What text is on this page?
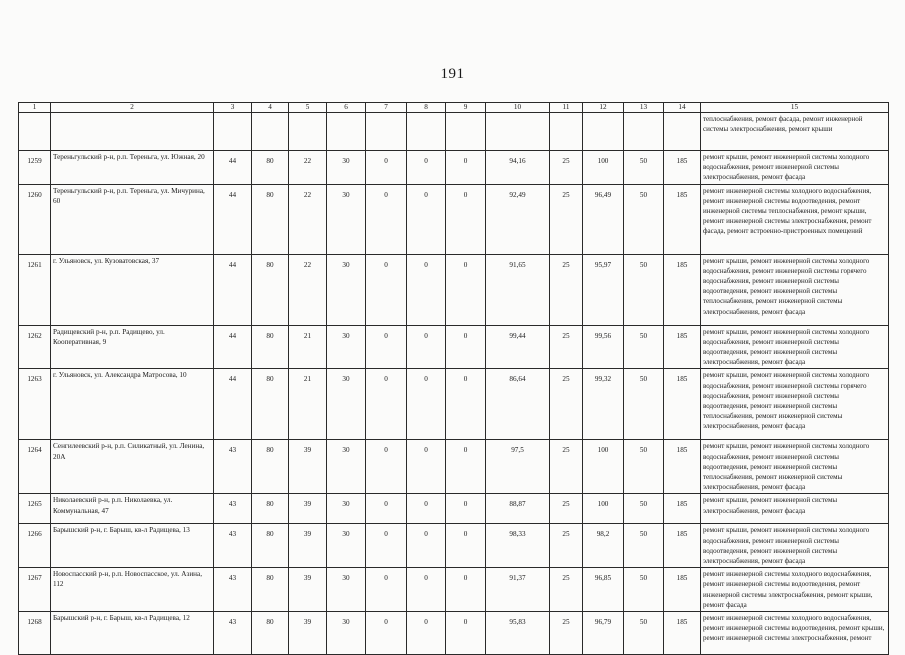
191
1	2	3	4	5	6	7	8	9	10	11	12	13	14	15
														теплоснабжения, ремонт фасада, ремонт инженерной системы электроснабжения, ремонт крыши
1259	Тереньгульский р-н, р.п. Тереньга, ул. Южная, 20	44	80	22	30	0	0	0	94,16	25	100	50	185	ремонт крыши, ремонт инженерной системы холодного водоснабжения, ремонт инженерной системы электроснабжения, ремонт фасада
1260	Тереньгульский р-н, р.п. Тереньга, ул. Мичурина, 60	44	80	22	30	0	0	0	92,49	25	96,49	50	185	ремонт инженерной системы холодного водоснабжения, ремонт инженерной системы водоотведения, ремонт инженерной системы теплоснабжения, ремонт крыши, ремонт инженерной системы электроснабжения, ремонт фасада, ремонт встроенно-пристроенных помещений
1261	г. Ульяновск, ул. Кузоватовская, 37	44	80	22	30	0	0	0	91,65	25	95,97	50	185	ремонт крыши, ремонт инженерной системы холодного водоснабжения, ремонт инженерной системы горячего водоснабжения, ремонт инженерной системы водоотведения, ремонт инженерной системы теплоснабжения, ремонт инженерной системы электроснабжения, ремонт фасада
1262	Радищевский р-н, р.п. Радищево, ул. Кооперативная, 9	44	80	21	30	0	0	0	99,44	25	99,56	50	185	ремонт крыши, ремонт инженерной системы холодного водоснабжения, ремонт инженерной системы водоотведения, ремонт инженерной системы электроснабжения, ремонт фасада
1263	г. Ульяновск, ул. Александра Матросова, 10	44	80	21	30	0	0	0	86,64	25	99,32	50	185	ремонт крыши, ремонт инженерной системы холодного водоснабжения, ремонт инженерной системы горячего водоснабжения, ремонт инженерной системы водоотведения, ремонт инженерной системы теплоснабжения, ремонт инженерной системы электроснабжения, ремонт фасада
1264	Сенгилеевский р-н, р.п. Силикатный, ул. Ленина, 20А	43	80	39	30	0	0	0	97,5	25	100	50	185	ремонт крыши, ремонт инженерной системы холодного водоснабжения, ремонт инженерной системы водоотведения, ремонт инженерной системы теплоснабжения, ремонт инженерной системы электроснабжения, ремонт фасада
1265	Николаевский р-н, р.п. Николаевка, ул. Коммунальная, 47	43	80	39	30	0	0	0	88,87	25	100	50	185	ремонт крыши, ремонт инженерной системы электроснабжения, ремонт фасада
1266	Барышский р-н, г. Барыш, кв-л Радищева, 13	43	80	39	30	0	0	0	98,33	25	98,2	50	185	ремонт крыши, ремонт инженерной системы холодного водоснабжения, ремонт инженерной системы водоотведения, ремонт инженерной системы электроснабжения, ремонт фасада
1267	Новоспасский р-н, р.п. Новоспасское, ул. Азина, 112	43	80	39	30	0	0	0	91,37	25	96,85	50	185	ремонт инженерной системы холодного водоснабжения, ремонт инженерной системы водоотведения, ремонт инженерной системы электроснабжения, ремонт крыши, ремонт фасада
1268	Барышский р-н, г. Барыш, кв-л Радищева, 12	43	80	39	30	0	0	0	95,83	25	96,79	50	185	ремонт инженерной системы холодного водоснабжения, ремонт инженерной системы водоотведения, ремонт крыши, ремонт инженерной системы электроснабжения, ремонт
